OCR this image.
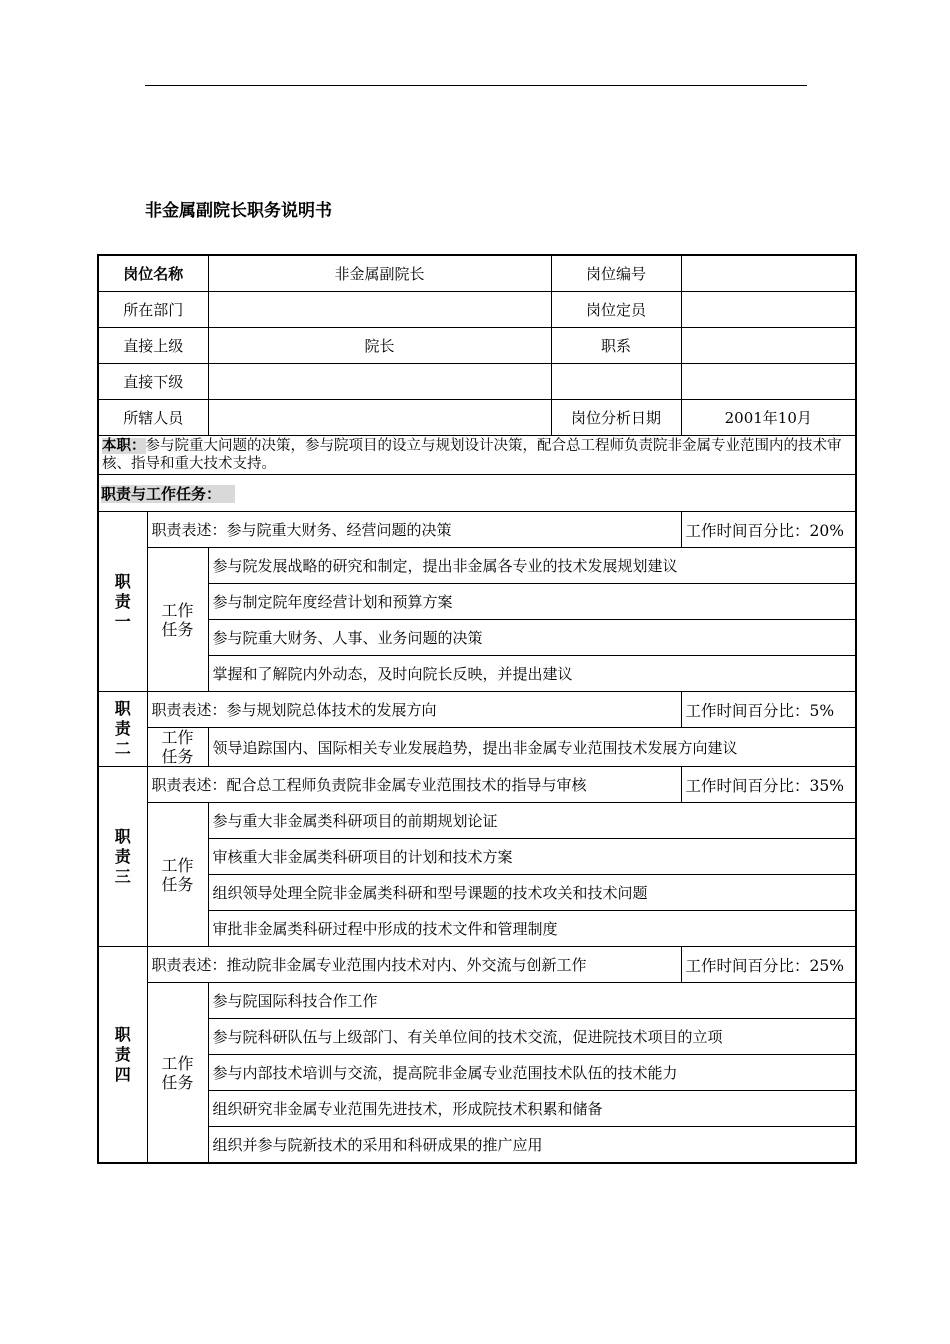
非金属副院长职务说明书
岗位名称		非金属副院长	岗位编号	
所在部门			岗位定员	
直接上级		院长	职系	
直接下级				
所辖人员			岗位分析日期	2001年10月
本职：参与院重大问题的决策，参与院项目的设立与规划设计决策，配合总工程师负责院非金属专业范围内的技术审核、指导和重大技术支持。				
职责与工作任务：				

职
责
一	职责表述：参与院重大财务、经营问题的决策			工作时间百分比：20%

	工作
任务	参与院发展战略的研究和制定，提出非金属各专业的技术发展规划建议		
		参与制定院年度经营计划和预算方案		
		参与院重大财务、人事、业务问题的决策		
		掌握和了解院内外动态，及时向院长反映，并提出建议		

职
责
二	职责表述：参与规划院总体技术的发展方向			工作时间百分比：5%

	工作
任务	领导追踪国内、国际相关专业发展趋势，提出非金属专业范围技术发展方向建议		

职
责
三	职责表述：配合总工程师负责院非金属专业范围技术的指导与审核			工作时间百分比：35%

	工作
任务	参与重大非金属类科研项目的前期规划论证		
		审核重大非金属类科研项目的计划和技术方案		
		组织领导处理全院非金属类科研和型号课题的技术攻关和技术问题		
		审批非金属类科研过程中形成的技术文件和管理制度		

职
责
四	职责表述：推动院非金属专业范围内技术对内、外交流与创新工作			工作时间百分比：25%

	工作
任务	参与院国际科技合作工作		
		参与院科研队伍与上级部门、有关单位间的技术交流，促进院技术项目的立项		
		参与内部技术培训与交流，提高院非金属专业范围技术队伍的技术能力		
		组织研究非金属专业范围先进技术，形成院技术积累和储备		
		组织并参与院新技术的采用和科研成果的推广应用		
